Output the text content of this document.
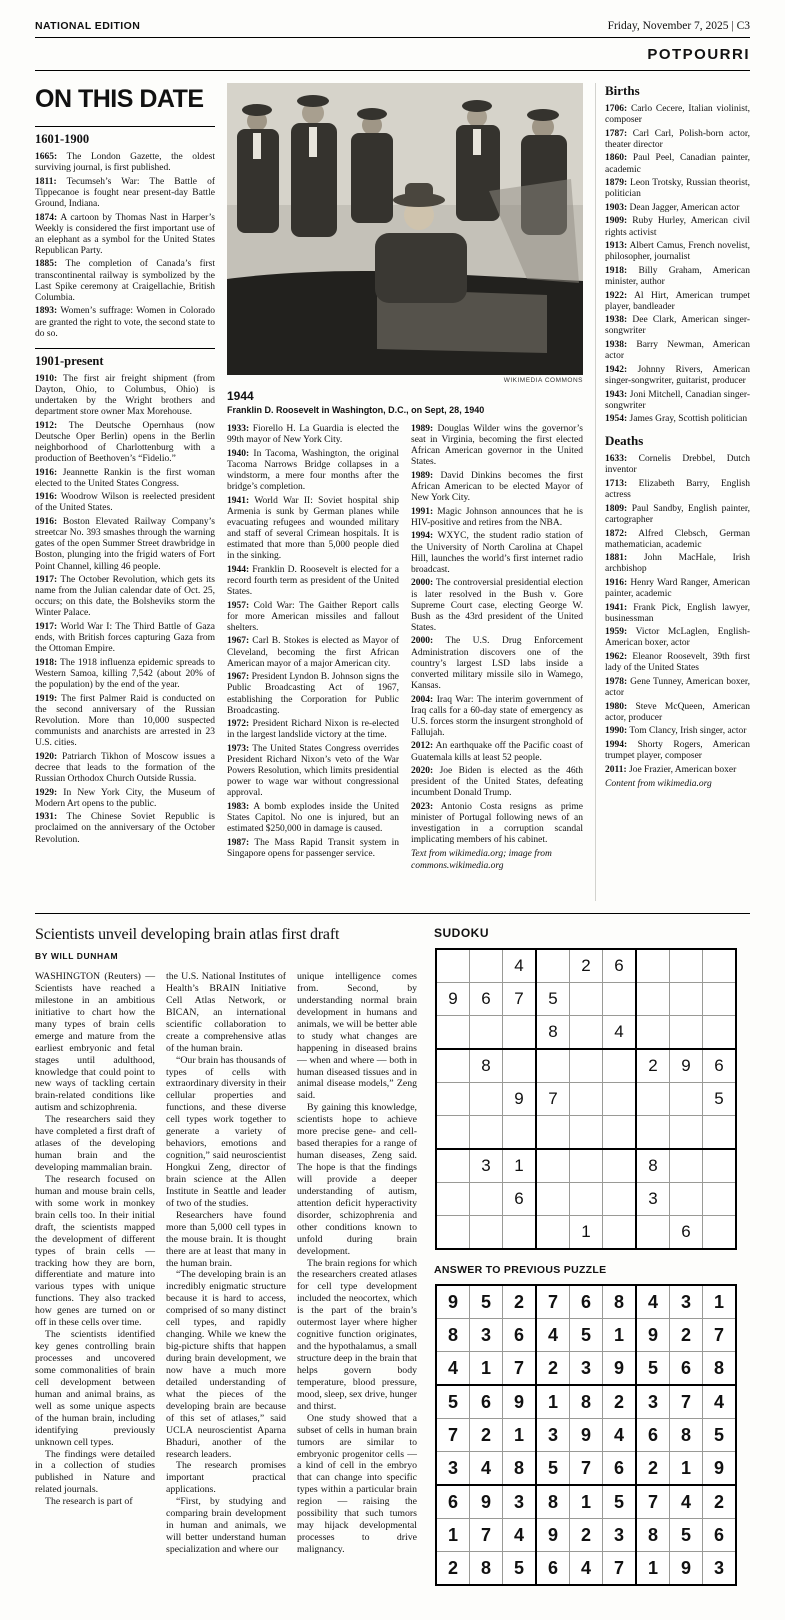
NATIONAL EDITION	Friday, November 7, 2025 | C3
POTPOURRI
ON THIS DATE
1601-1900

1665: The London Gazette, the oldest surviving journal, is first published.

1811: Tecumseh’s War: The Battle of Tippecanoe is fought near present-day Battle Ground, Indiana.

1874: A cartoon by Thomas Nast in Harper’s Weekly is considered the first important use of an elephant as a symbol for the United States Republican Party.

1885: The completion of Canada’s first transcontinental railway is symbolized by the Last Spike ceremony at Craigellachie, British Columbia.

1893: Women’s suffrage: Women in Colorado are granted the right to vote, the second state to do so.

1901-present

1910: The first air freight shipment (from Dayton, Ohio, to Columbus, Ohio) is undertaken by the Wright brothers and department store owner Max Morehouse.

1912: The Deutsche Opernhaus (now Deutsche Oper Berlin) opens in the Berlin neighborhood of Charlottenburg with a production of Beethoven’s “Fidelio.”

1916: Jeannette Rankin is the first woman elected to the United States Congress.

1916: Woodrow Wilson is reelected president of the United States.

1916: Boston Elevated Railway Company’s streetcar No. 393 smashes through the warning gates of the open Summer Street drawbridge in Boston, plunging into the frigid waters of Fort Point Channel, killing 46 people.

1917: The October Revolution, which gets its name from the Julian calendar date of Oct. 25, occurs; on this date, the Bolsheviks storm the Winter Palace.

1917: World War I: The Third Battle of Gaza ends, with British forces capturing Gaza from the Ottoman Empire.

1918: The 1918 influenza epidemic spreads to Western Samoa, killing 7,542 (about 20% of the population) by the end of the year.

1919: The first Palmer Raid is conducted on the second anniversary of the Russian Revolution. More than 10,000 suspected communists and anarchists are arrested in 23 U.S. cities.

1920: Patriarch Tikhon of Moscow issues a decree that leads to the formation of the Russian Orthodox Church Outside Russia.

1929: In New York City, the Museum of Modern Art opens to the public.

1931: The Chinese Soviet Republic is proclaimed on the anniversary of the October Revolution.

WIKIMEDIA COMMONS
1944
Franklin D. Roosevelt in Washington, D.C., on Sept, 28, 1940

1933: Fiorello H. La Guardia is elected the 99th mayor of New York City.

1940: In Tacoma, Washington, the original Tacoma Narrows Bridge collapses in a windstorm, a mere four months after the bridge’s completion.

1941: World War II: Soviet hospital ship Armenia is sunk by German planes while evacuating refugees and wounded military and staff of several Crimean hospitals. It is estimated that more than 5,000 people died in the sinking.

1944: Franklin D. Roosevelt is elected for a record fourth term as president of the United States.

1957: Cold War: The Gaither Report calls for more American missiles and fallout shelters.

1967: Carl B. Stokes is elected as Mayor of Cleveland, becoming the first African American mayor of a major American city.

1967: President Lyndon B. Johnson signs the Public Broadcasting Act of 1967, establishing the Corporation for Public Broadcasting.

1972: President Richard Nixon is re-elected in the largest landslide victory at the time.

1973: The United States Congress overrides President Richard Nixon’s veto of the War Powers Resolution, which limits presidential power to wage war without congressional approval.

1983: A bomb explodes inside the United States Capitol. No one is injured, but an estimated $250,000 in damage is caused.

1987: The Mass Rapid Transit system in Singapore opens for passenger service.

1989: Douglas Wilder wins the governor’s seat in Virginia, becoming the first elected African American governor in the United States.

1989: David Dinkins becomes the first African American to be elected Mayor of New York City.

1991: Magic Johnson announces that he is HIV-positive and retires from the NBA.

1994: WXYC, the student radio station of the University of North Carolina at Chapel Hill, launches the world’s first internet radio broadcast.

2000: The controversial presidential election is later resolved in the Bush v. Gore Supreme Court case, electing George W. Bush as the 43rd president of the United States.

2000: The U.S. Drug Enforcement Administration discovers one of the country’s largest LSD labs inside a converted military missile silo in Wamego, Kansas.

2004: Iraq War: The interim government of Iraq calls for a 60-day state of emergency as U.S. forces storm the insurgent stronghold of Fallujah.

2012: An earthquake off the Pacific coast of Guatemala kills at least 52 people.

2020: Joe Biden is elected as the 46th president of the United States, defeating incumbent Donald Trump.

2023: Antonio Costa resigns as prime minister of Portugal following news of an investigation in a corruption scandal implicating members of his cabinet.

Text from wikimedia.org; image from commons.wikimedia.org

Births

1706: Carlo Cecere, Italian violinist, composer

1787: Carl Carl, Polish-born actor, theater director

1860: Paul Peel, Canadian painter, academic

1879: Leon Trotsky, Russian theorist, politician

1903: Dean Jagger, American actor

1909: Ruby Hurley, American civil rights activist

1913: Albert Camus, French novelist, philosopher, journalist

1918: Billy Graham, American minister, author

1922: Al Hirt, American trumpet player, bandleader

1938: Dee Clark, American singer-songwriter

1938: Barry Newman, American actor

1942: Johnny Rivers, American singer-songwriter, guitarist, producer

1943: Joni Mitchell, Canadian singer-songwriter

1954: James Gray, Scottish politician

Deaths

1633: Cornelis Drebbel, Dutch inventor

1713: Elizabeth Barry, English actress

1809: Paul Sandby, English painter, cartographer

1872: Alfred Clebsch, German mathematician, academic

1881: John MacHale, Irish archbishop

1916: Henry Ward Ranger, American painter, academic

1941: Frank Pick, English lawyer, businessman

1959: Victor McLaglen, English-American boxer, actor

1962: Eleanor Roosevelt, 39th first lady of the United States

1978: Gene Tunney, American boxer, actor

1980: Steve McQueen, American actor, producer

1990: Tom Clancy, Irish singer, actor

1994: Shorty Rogers, American trumpet player, composer

2011: Joe Frazier, American boxer

Content from wikimedia.org

Scientists unveil developing brain atlas first draft
BY WILL DUNHAM

WASHINGTON (Reuters) — Scientists have reached a milestone in an ambitious initiative to chart how the many types of brain cells emerge and mature from the earliest embryonic and fetal stages until adulthood, knowledge that could point to new ways of tackling certain brain-related conditions like autism and schizophrenia.

The researchers said they have completed a first draft of atlases of the developing human brain and the developing mammalian brain.

The research focused on human and mouse brain cells, with some work in monkey brain cells too. In their initial draft, the scientists mapped the development of different types of brain cells — tracking how they are born, differentiate and mature into various types with unique functions. They also tracked how genes are turned on or off in these cells over time.

The scientists identified key genes controlling brain processes and uncovered some commonalities of brain cell development between human and animal brains, as well as some unique aspects of the human brain, including identifying previously unknown cell types.

The findings were detailed in a collection of studies published in Nature and related journals.

The research is part of

the U.S. National Institutes of Health’s BRAIN Initiative Cell Atlas Network, or BICAN, an international scientific collaboration to create a comprehensive atlas of the human brain.

“Our brain has thousands of types of cells with extraordinary diversity in their cellular properties and functions, and these diverse cell types work together to generate a variety of behaviors, emotions and cognition,” said neuroscientist Hongkui Zeng, director of brain science at the Allen Institute in Seattle and leader of two of the studies.

Researchers have found more than 5,000 cell types in the mouse brain. It is thought there are at least that many in the human brain.

“The developing brain is an incredibly enigmatic structure because it is hard to access, comprised of so many distinct cell types, and rapidly changing. While we knew the big-picture shifts that happen during brain development, we now have a much more detailed understanding of what the pieces of the developing brain are because of this set of atlases,” said UCLA neuroscientist Aparna Bhaduri, another of the research leaders.

The research promises important practical applications.

“First, by studying and comparing brain development in human and animals, we will better understand human specialization and where our

unique intelligence comes from. Second, by understanding normal brain development in humans and animals, we will be better able to study what changes are happening in diseased brains — when and where — both in human diseased tissues and in animal disease models,” Zeng said.

By gaining this knowledge, scientists hope to achieve more precise gene- and cell-based therapies for a range of human diseases, Zeng said. The hope is that the findings will provide a deeper understanding of autism, attention deficit hyperactivity disorder, schizophrenia and other conditions known to unfold during brain development.

The brain regions for which the researchers created atlases for cell type development included the neocortex, which is the part of the brain’s outermost layer where higher cognitive function originates, and the hypothalamus, a small structure deep in the brain that helps govern body temperature, blood pressure, mood, sleep, sex drive, hunger and thirst.

One study showed that a subset of cells in human brain tumors are similar to embryonic progenitor cells — a kind of cell in the embryo that can change into specific types within a particular brain region — raising the possibility that such tumors may hijack developmental processes to drive malignancy.

SUDOKU
		4		2	6			
9	6	7	5					
			8		4			
	8					2	9	6
		9	7					5

	3	1				8		
		6				3		
				1			6	
ANSWER TO PREVIOUS PUZZLE
9	5	2	7	6	8	4	3	1
8	3	6	4	5	1	9	2	7
4	1	7	2	3	9	5	6	8
5	6	9	1	8	2	3	7	4
7	2	1	3	9	4	6	8	5
3	4	8	5	7	6	2	1	9
6	9	3	8	1	5	7	4	2
1	7	4	9	2	3	8	5	6
2	8	5	6	4	7	1	9	3
